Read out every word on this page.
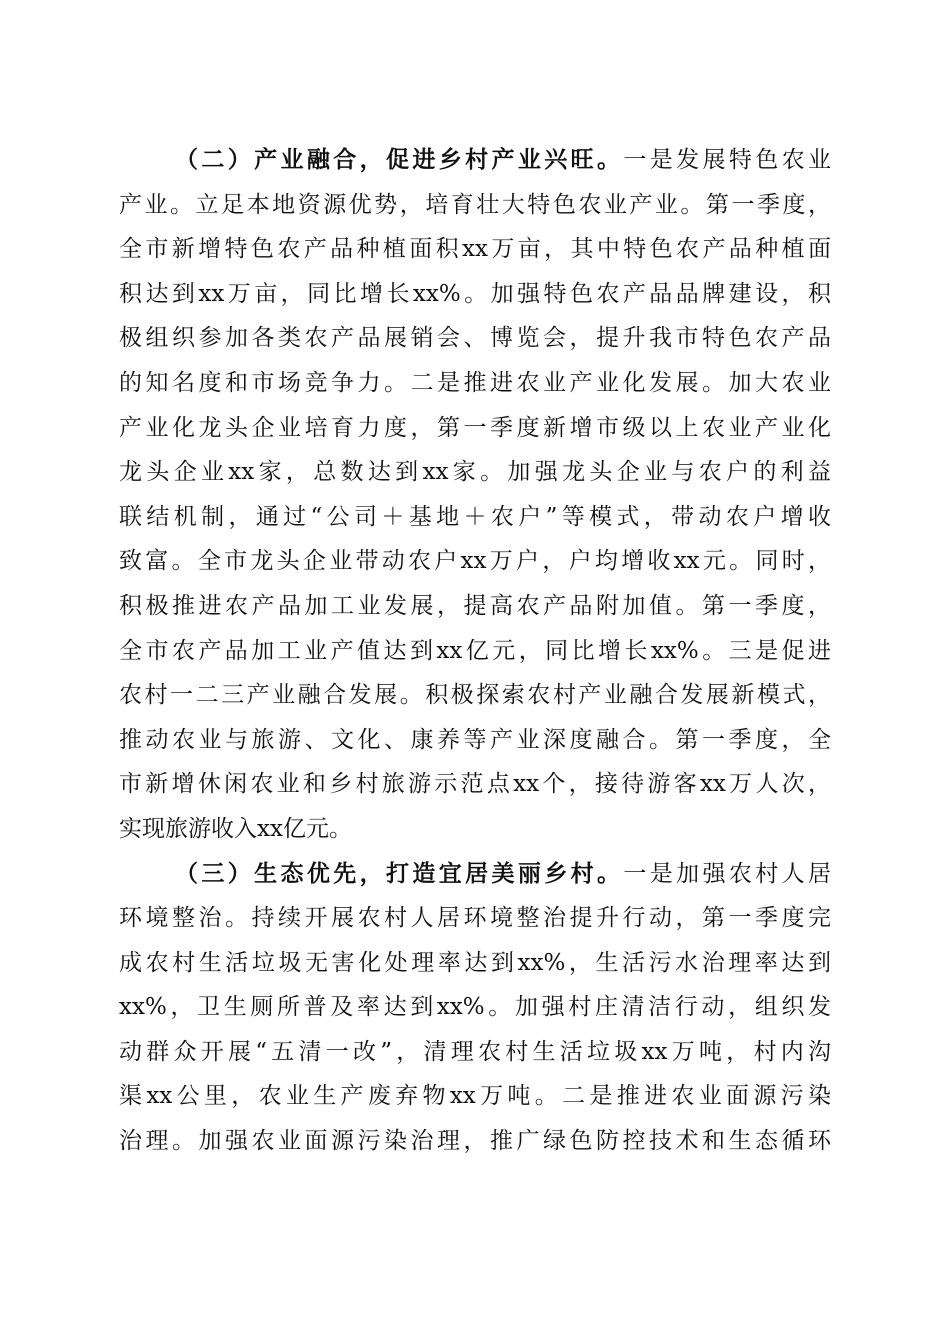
（二）产业融合，促进乡村产业兴旺。一是发展特色农业
产业。立足本地资源优势，培育壮大特色农业产业。第一季度，
全市新增特色农产品种植面积xx万亩，其中特色农产品种植面
积达到xx万亩，同比增长xx%。加强特色农产品品牌建设，积
极组织参加各类农产品展销会、博览会，提升我市特色农产品
的知名度和市场竞争力。二是推进农业产业化发展。加大农业
产业化龙头企业培育力度，第一季度新增市级以上农业产业化
龙头企业xx家，总数达到xx家。加强龙头企业与农户的利益
联结机制，通过“公司＋基地＋农户”等模式，带动农户增收
致富。全市龙头企业带动农户xx万户，户均增收xx元。同时，
积极推进农产品加工业发展，提高农产品附加值。第一季度，
全市农产品加工业产值达到xx亿元，同比增长xx%。三是促进
农村一二三产业融合发展。积极探索农村产业融合发展新模式，
推动农业与旅游、文化、康养等产业深度融合。第一季度，全
市新增休闲农业和乡村旅游示范点xx个，接待游客xx万人次，
实现旅游收入xx亿元。
（三）生态优先，打造宜居美丽乡村。一是加强农村人居
环境整治。持续开展农村人居环境整治提升行动，第一季度完
成农村生活垃圾无害化处理率达到xx%，生活污水治理率达到
xx%，卫生厕所普及率达到xx%。加强村庄清洁行动，组织发
动群众开展“五清一改”，清理农村生活垃圾xx万吨，村内沟
渠xx公里，农业生产废弃物xx万吨。二是推进农业面源污染
治理。加强农业面源污染治理，推广绿色防控技术和生态循环
